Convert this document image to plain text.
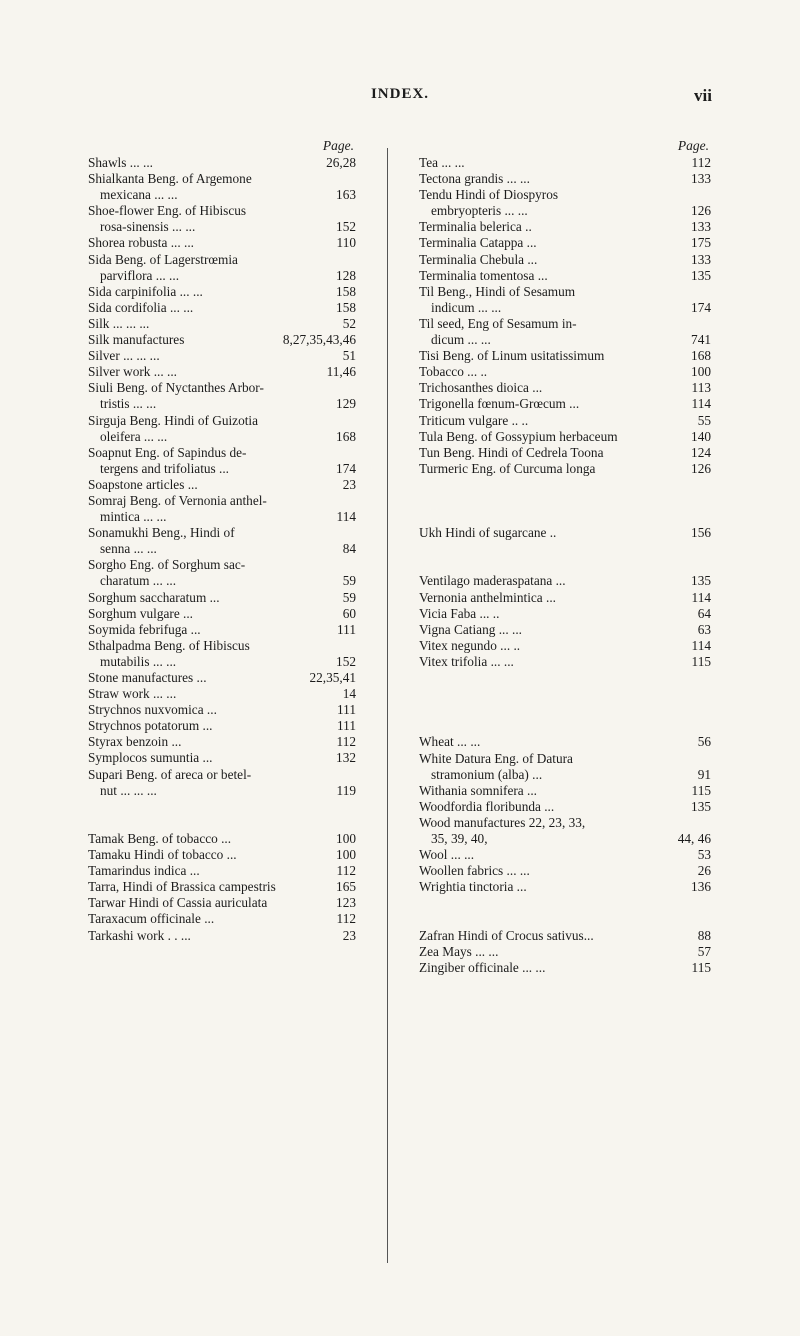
INDEX.	vii
Page.
Shawls ... ...	26,28
Shialkanta Beng. of Argemone
mexicana ... ...	163
Shoe-flower Eng. of Hibiscus
rosa-sinensis ... ...	152
Shorea robusta ... ...	110
Sida Beng. of Lagerstrœmia
parviflora ... ...	128
Sida carpinifolia ... ...	158
Sida cordifolia ... ...	158
Silk ... ... ...	52
Silk manufactures	8,27,35,43,46
Silver ... ... ...	51
Silver work ... ...	11,46
Siuli Beng. of Nyctanthes Arbor-
tristis ... ...	129
Sirguja Beng. Hindi of Guizotia
oleifera ... ...	168
Soapnut Eng. of Sapindus de-
tergens and trifoliatus ...	174
Soapstone articles ...	23
Somraj Beng. of Vernonia anthel-
mintica ... ...	114
Sonamukhi Beng., Hindi of
senna ... ...	84
Sorgho Eng. of Sorghum sac-
charatum ... ...	59
Sorghum saccharatum ...	59
Sorghum vulgare ...	60
Soymida febrifuga ...	111
Sthalpadma Beng. of Hibiscus
mutabilis ... ...	152
Stone manufactures ...	22,35,41
Straw work ... ...	14
Strychnos nuxvomica ...	111
Strychnos potatorum ...	111
Styrax benzoin ...	112
Symplocos sumuntia ...	132
Supari Beng. of areca or betel-
nut ... ... ...	119
Tamak Beng. of tobacco ...	100
Tamaku Hindi of tobacco ...	100
Tamarindus indica ...	112
Tarra, Hindi of Brassica campestris	165
Tarwar Hindi of Cassia auriculata	123
Taraxacum officinale ...	112
Tarkashi work . . ...	23
Page.
Tea ... ...	112
Tectona grandis ... ...	133
Tendu Hindi of Diospyros
embryopteris ... ...	126
Terminalia belerica ..	133
Terminalia Catappa ...	175
Terminalia Chebula ...	133
Terminalia tomentosa ...	135
Til Beng., Hindi of Sesamum
indicum ... ...	174
Til seed, Eng of Sesamum in-
dicum ... ...	741
Tisi Beng. of Linum usitatissimum	168
Tobacco ... ..	100
Trichosanthes dioica ...	113
Trigonella fœnum-Grœcum ...	114
Triticum vulgare .. ..	55
Tula Beng. of Gossypium herbaceum	140
Tun Beng. Hindi of Cedrela Toona	124
Turmeric Eng. of Curcuma longa	126
Ukh Hindi of sugarcane ..	156
Ventilago maderaspatana ...	135
Vernonia anthelmintica ...	114
Vicia Faba ... ..	64
Vigna Catiang ... ...	63
Vitex negundo ... ..	114
Vitex trifolia ... ...	115
Wheat ... ...	56
White Datura Eng. of Datura
stramonium (alba) ...	91
Withania somnifera ...	115
Woodfordia floribunda ...	135
Wood manufactures 22, 23, 33,
35, 39, 40,	44, 46
Wool ... ...	53
Woollen fabrics ... ...	26
Wrightia tinctoria ...	136
Zafran Hindi of Crocus sativus...	88
Zea Mays ... ...	57
Zingiber officinale ... ...	115
